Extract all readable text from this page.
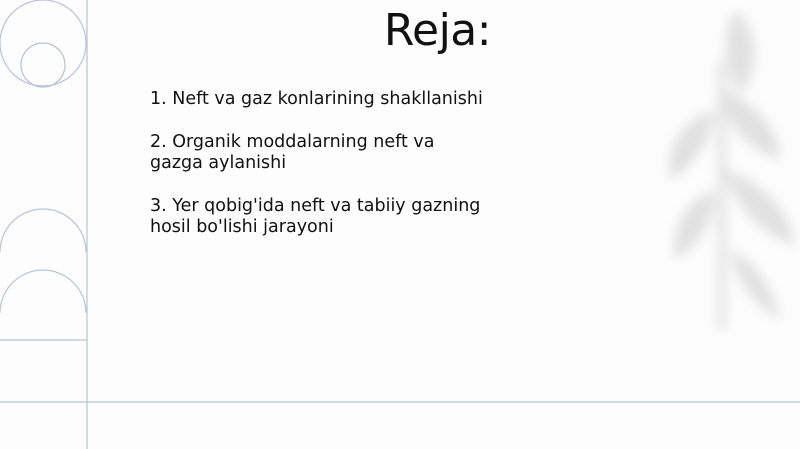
Reja:
1. Neft va gaz konlarining shakllanishi
2. Organik moddalarning neft va gazga aylanishi
3. Yer qobig'ida neft va tabiiy gazning hosil bo'lishi jarayoni
